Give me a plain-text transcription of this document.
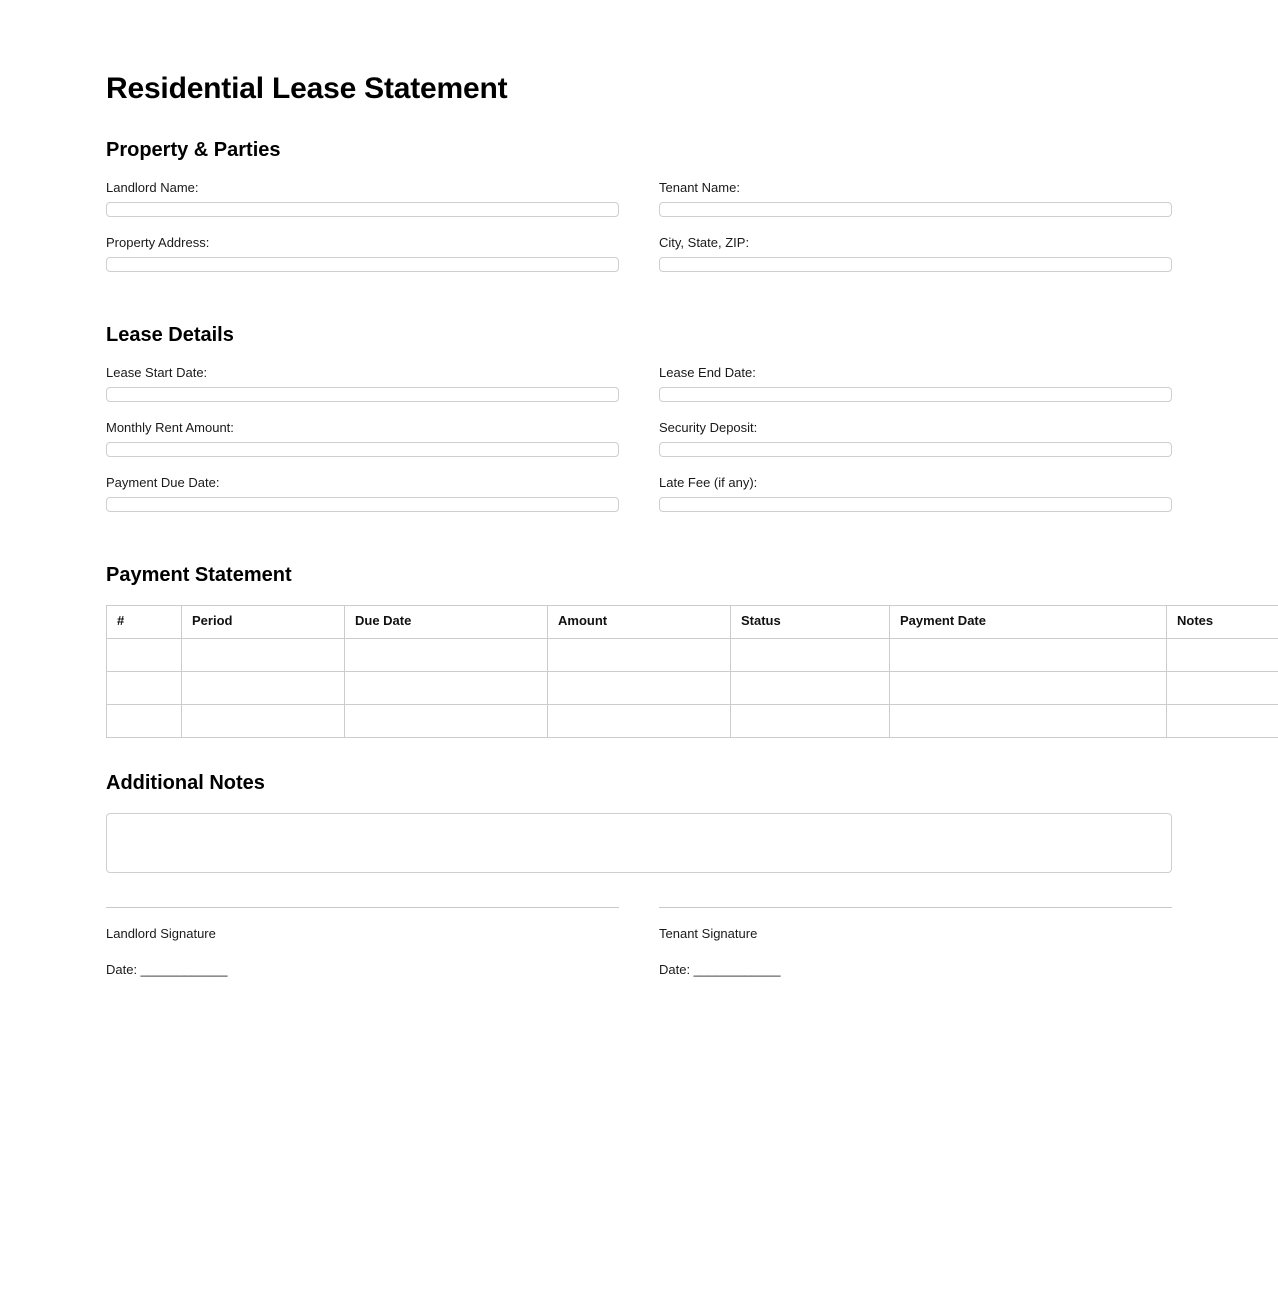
Residential Lease Statement
Property & Parties
Landlord Name:	Tenant Name:
Property Address:	City, State, ZIP:
Lease Details
Lease Start Date:	Lease End Date:
Monthly Rent Amount:	Security Deposit:
Payment Due Date:	Late Fee (if any):
Payment Statement
#	Period	Due Date	Amount	Status	Payment Date	Notes

Additional Notes

Landlord Signature

Date: ____________

Tenant Signature

Date: ____________
